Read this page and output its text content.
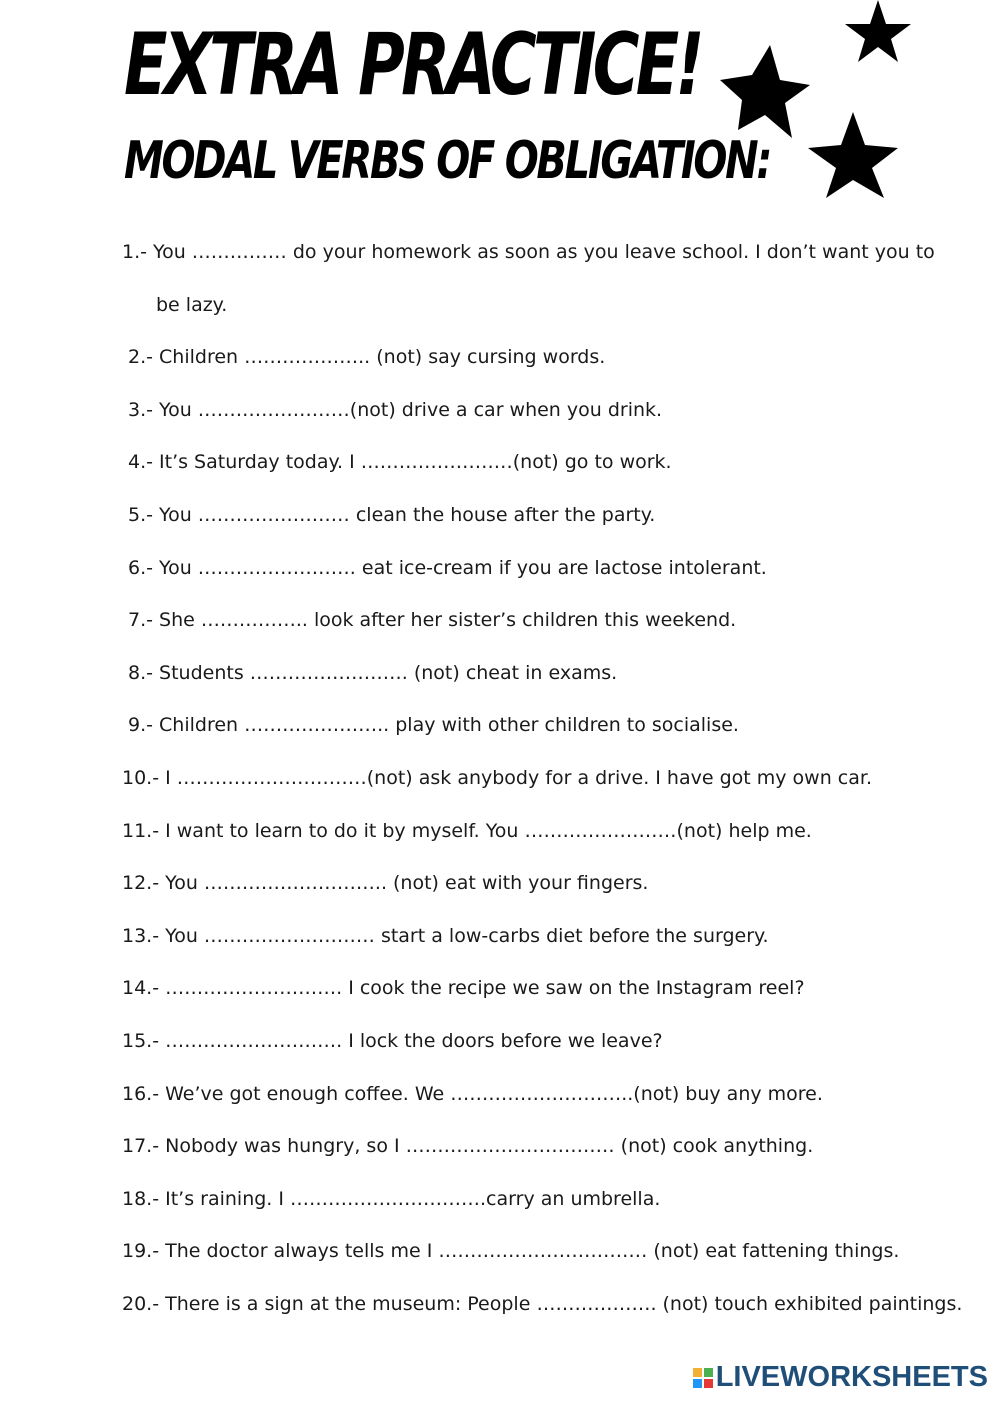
EXTRA PRACTICE!
MODAL VERBS OF OBLIGATION:
1.- You …………… do your homework as soon as you leave school. I don’t want you to
be lazy.
2.- Children ……………….. (not) say cursing words.
3.- You ……………………(not) drive a car when you drink.
4.- It’s Saturday today. I ……………………(not) go to work.
5.- You …………………… clean the house after the party.
6.- You ……………………. eat ice-cream if you are lactose intolerant.
7.- She …………….. look after her sister’s children this weekend.
8.- Students ……………………. (not) cheat in exams.
9.- Children ………………….. play with other children to socialise.
10.- I …………………………(not) ask anybody for a drive. I have got my own car.
11.- I want to learn to do it by myself. You ……………………(not) help me.
12.- You ……………………….. (not) eat with your fingers.
13.- You ……………………… start a low-carbs diet before the surgery.
14.- ………………………. I cook the recipe we saw on the Instagram reel?
15.- ………………………. I lock the doors before we leave?
16.- We’ve got enough coffee. We ………………………..(not) buy any more.
17.- Nobody was hungry, so I …………………………… (not) cook anything.
18.- It’s raining. I ………………………….carry an umbrella.
19.- The doctor always tells me I …………………………… (not) eat fattening things.
20.- There is a sign at the museum: People ………………. (not) touch exhibited paintings.
LIVEWORKSHEETS
